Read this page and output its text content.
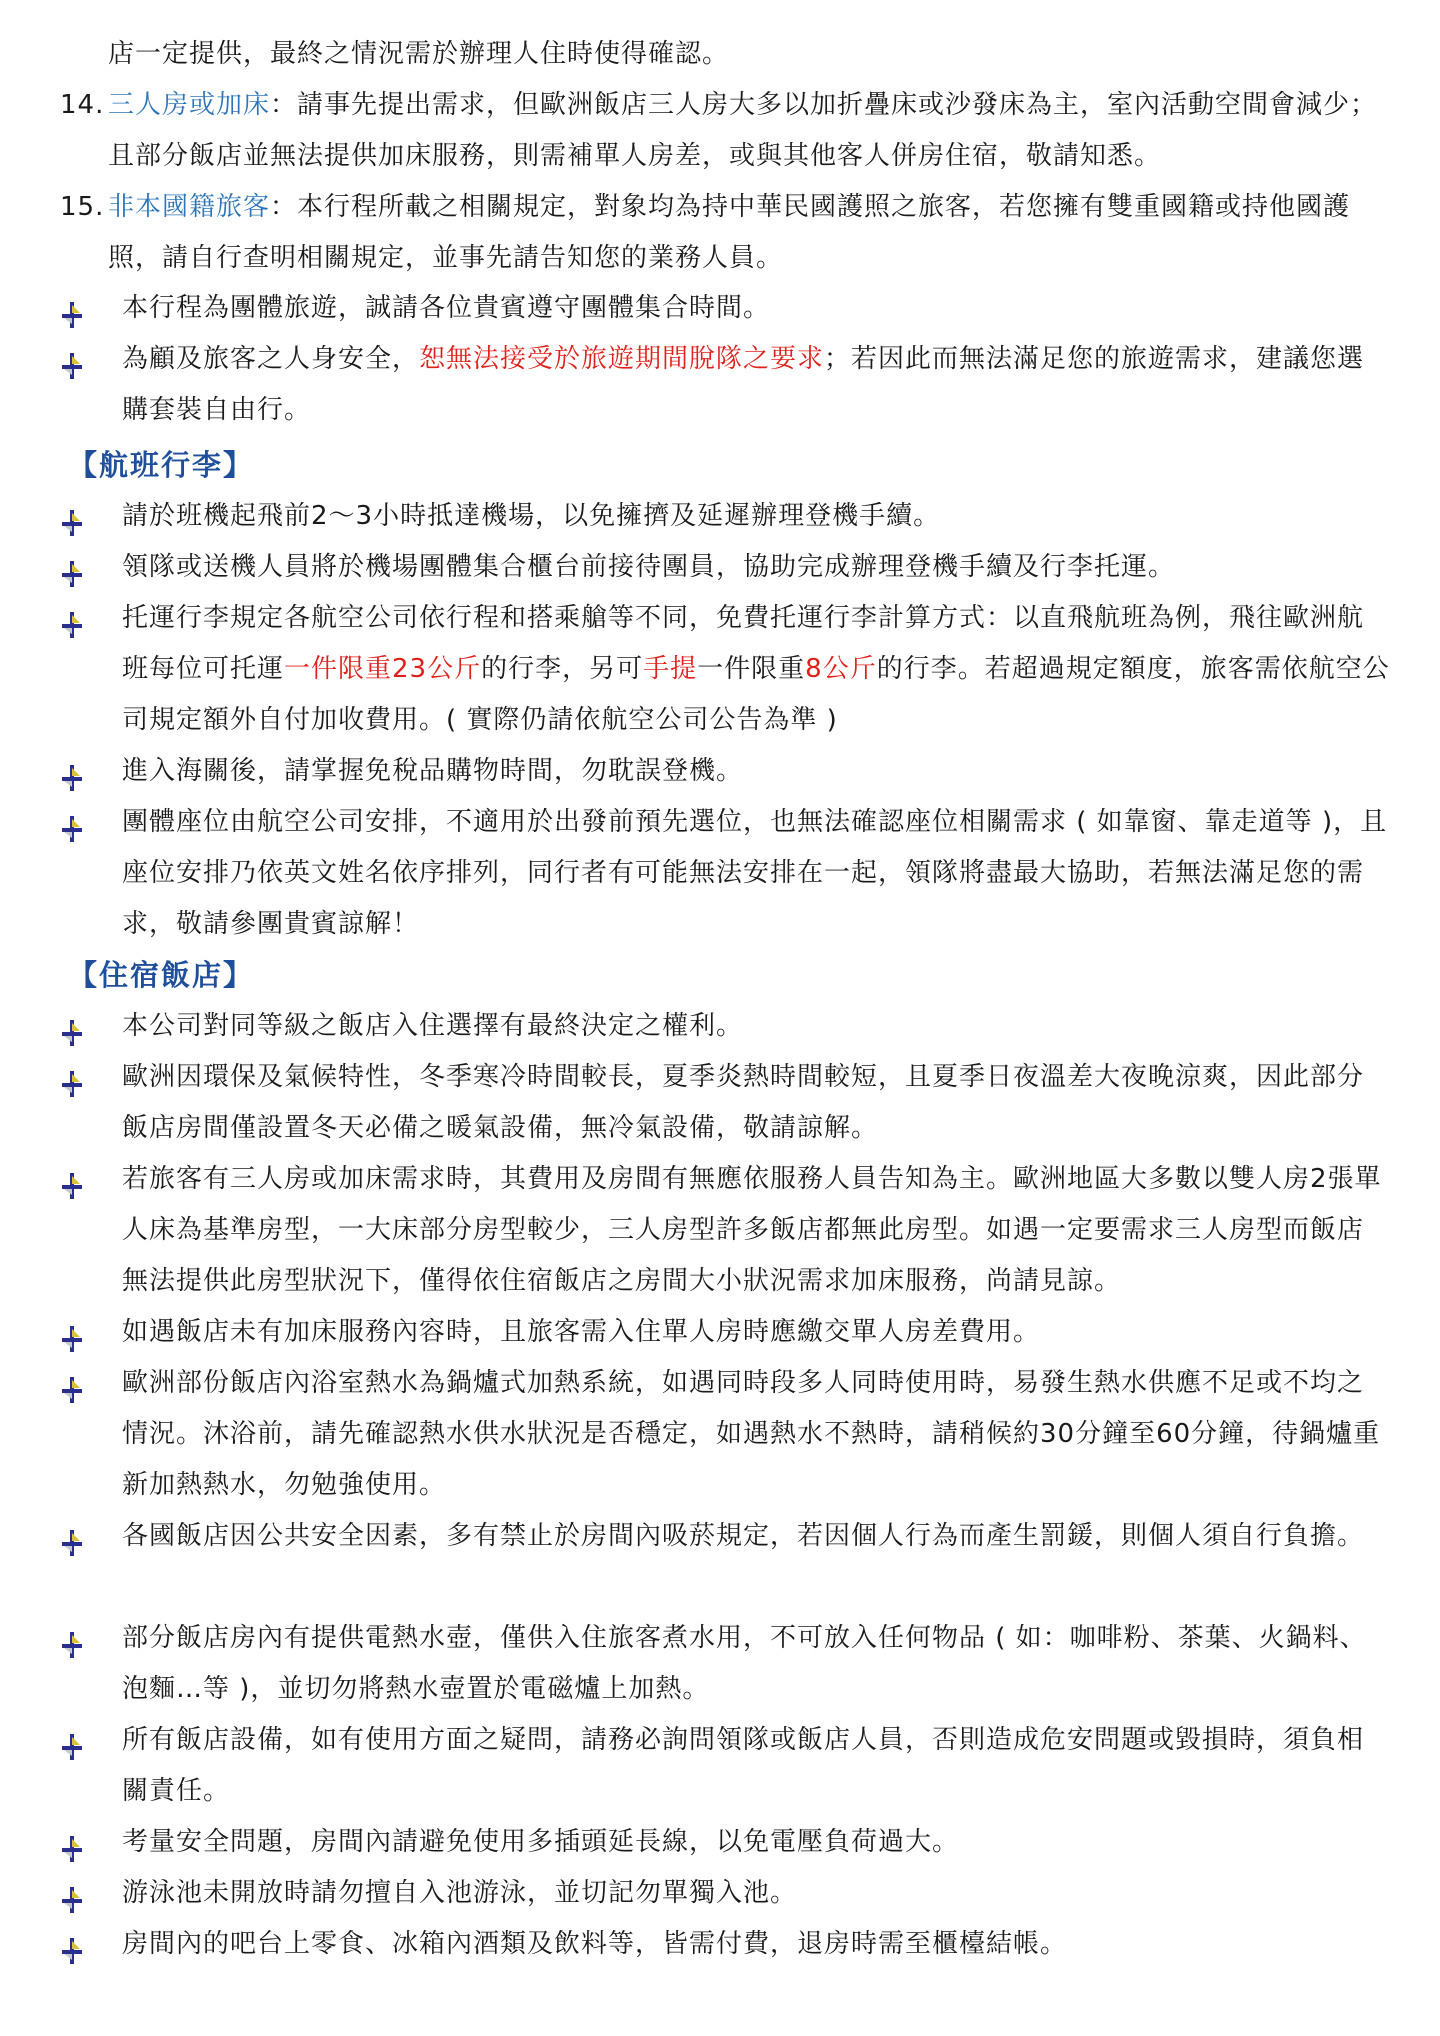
店一定提供，最終之情況需於辦理人住時使得確認。
14. 三人房或加床：請事先提出需求，但歐洲飯店三人房大多以加折疊床或沙發床為主，室內活動空間會減少；且部分飯店並無法提供加床服務，則需補單人房差，或與其他客人併房住宿，敬請知悉。
15. 非本國籍旅客：本行程所載之相關規定，對象均為持中華民國護照之旅客，若您擁有雙重國籍或持他國護照，請自行查明相關規定，並事先請告知您的業務人員。
本行程為團體旅遊，誠請各位貴賓遵守團體集合時間。
為顧及旅客之人身安全，恕無法接受於旅遊期間脫隊之要求；若因此而無法滿足您的旅遊需求，建議您選購套裝自由行。
【航班行李】
請於班機起飛前2～3小時抵達機場，以免擁擠及延遲辦理登機手續。
領隊或送機人員將於機場團體集合櫃台前接待團員，協助完成辦理登機手續及行李托運。
托運行李規定各航空公司依行程和搭乘艙等不同，免費托運行李計算方式：以直飛航班為例，飛往歐洲航班每位可托運一件限重23公斤的行李，另可手提一件限重8公斤的行李。若超過規定額度，旅客需依航空公司規定額外自付加收費用。( 實際仍請依航空公司公告為準 )
進入海關後，請掌握免稅品購物時間，勿耽誤登機。
團體座位由航空公司安排，不適用於出發前預先選位，也無法確認座位相關需求 ( 如靠窗、靠走道等 )，且座位安排乃依英文姓名依序排列，同行者有可能無法安排在一起，領隊將盡最大協助，若無法滿足您的需求，敬請參團貴賓諒解！
【住宿飯店】
本公司對同等級之飯店入住選擇有最終決定之權利。
歐洲因環保及氣候特性，冬季寒冷時間較長，夏季炎熱時間較短，且夏季日夜溫差大夜晚涼爽，因此部分飯店房間僅設置冬天必備之暖氣設備，無冷氣設備，敬請諒解。
若旅客有三人房或加床需求時，其費用及房間有無應依服務人員告知為主。歐洲地區大多數以雙人房2張單人床為基準房型，一大床部分房型較少，三人房型許多飯店都無此房型。如遇一定要需求三人房型而飯店無法提供此房型狀況下，僅得依住宿飯店之房間大小狀況需求加床服務，尚請見諒。
如遇飯店未有加床服務內容時，且旅客需入住單人房時應繳交單人房差費用。
歐洲部份飯店內浴室熱水為鍋爐式加熱系統，如遇同時段多人同時使用時，易發生熱水供應不足或不均之情況。沐浴前，請先確認熱水供水狀況是否穩定，如遇熱水不熱時，請稍候約30分鐘至60分鐘，待鍋爐重新加熱熱水，勿勉強使用。
各國飯店因公共安全因素，多有禁止於房間內吸菸規定，若因個人行為而產生罰鍰，則個人須自行負擔。
部分飯店房內有提供電熱水壺，僅供入住旅客煮水用，不可放入任何物品 ( 如：咖啡粉、茶葉、火鍋料、泡麵…等 )，並切勿將熱水壺置於電磁爐上加熱。
所有飯店設備，如有使用方面之疑問，請務必詢問領隊或飯店人員，否則造成危安問題或毀損時，須負相關責任。
考量安全問題，房間內請避免使用多插頭延長線，以免電壓負荷過大。
游泳池未開放時請勿擅自入池游泳，並切記勿單獨入池。
房間內的吧台上零食、冰箱內酒類及飲料等，皆需付費，退房時需至櫃檯結帳。
